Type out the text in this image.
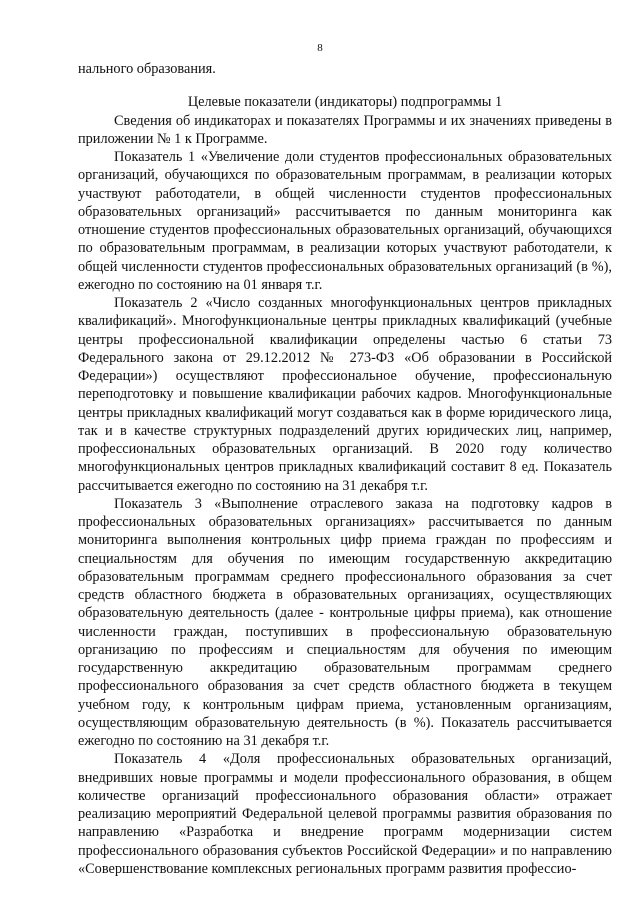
8

нального образования.

Целевые показатели (индикаторы) подпрограммы 1

Сведения об индикаторах и показателях Программы и их значениях приведены в приложении № 1 к Программе.

Показатель 1 «Увеличение доли студентов профессиональных образовательных организаций, обучающихся по образовательным программам, в реализации которых участвуют работодатели, в общей численности студентов профессиональных образовательных организаций» рассчитывается по данным мониторинга как отношение студентов профессиональных образовательных организаций, обучающихся по образовательным программам, в реализации которых участвуют работодатели, к общей численности студентов профессиональных образовательных организаций (в %), ежегодно по состоянию на 01 января т.г.

Показатель 2 «Число созданных многофункциональных центров прикладных квалификаций». Многофункциональные центры прикладных квалификаций (учебные центры профессиональной квалификации определены частью 6 статьи 73 Федерального закона от 29.12.2012 № 273-ФЗ «Об образовании в Российской Федерации») осуществляют профессиональное обучение, профессиональную переподготовку и повышение квалификации рабочих кадров. Многофункциональные центры прикладных квалификаций могут создаваться как в форме юридического лица, так и в качестве структурных подразделений других юридических лиц, например, профессиональных образовательных организаций. В 2020 году количество многофункциональных центров прикладных квалификаций составит 8 ед. Показатель рассчитывается ежегодно по состоянию на 31 декабря т.г.

Показатель 3 «Выполнение отраслевого заказа на подготовку кадров в профессиональных образовательных организациях» рассчитывается по данным мониторинга выполнения контрольных цифр приема граждан по профессиям и специальностям для обучения по имеющим государственную аккредитацию образовательным программам среднего профессионального образования за счет средств областного бюджета в образовательных организациях, осуществляющих образовательную деятельность (далее - контрольные цифры приема), как отношение численности граждан, поступивших в профессиональную образовательную организацию по профессиям и специальностям для обучения по имеющим государственную аккредитацию образовательным программам среднего профессионального образования за счет средств областного бюджета в текущем учебном году, к контрольным цифрам приема, установленным организациям, осуществляющим образовательную деятельность (в %). Показатель рассчитывается ежегодно по состоянию на 31 декабря т.г.

Показатель 4 «Доля профессиональных образовательных организаций, внедривших новые программы и модели профессионального образования, в общем количестве организаций профессионального образования области» отражает реализацию мероприятий Федеральной целевой программы развития образования по направлению «Разработка и внедрение программ модернизации систем профессионального образования субъектов Российской Федерации» и по направлению «Совершенствование комплексных региональных программ развития профессио-
